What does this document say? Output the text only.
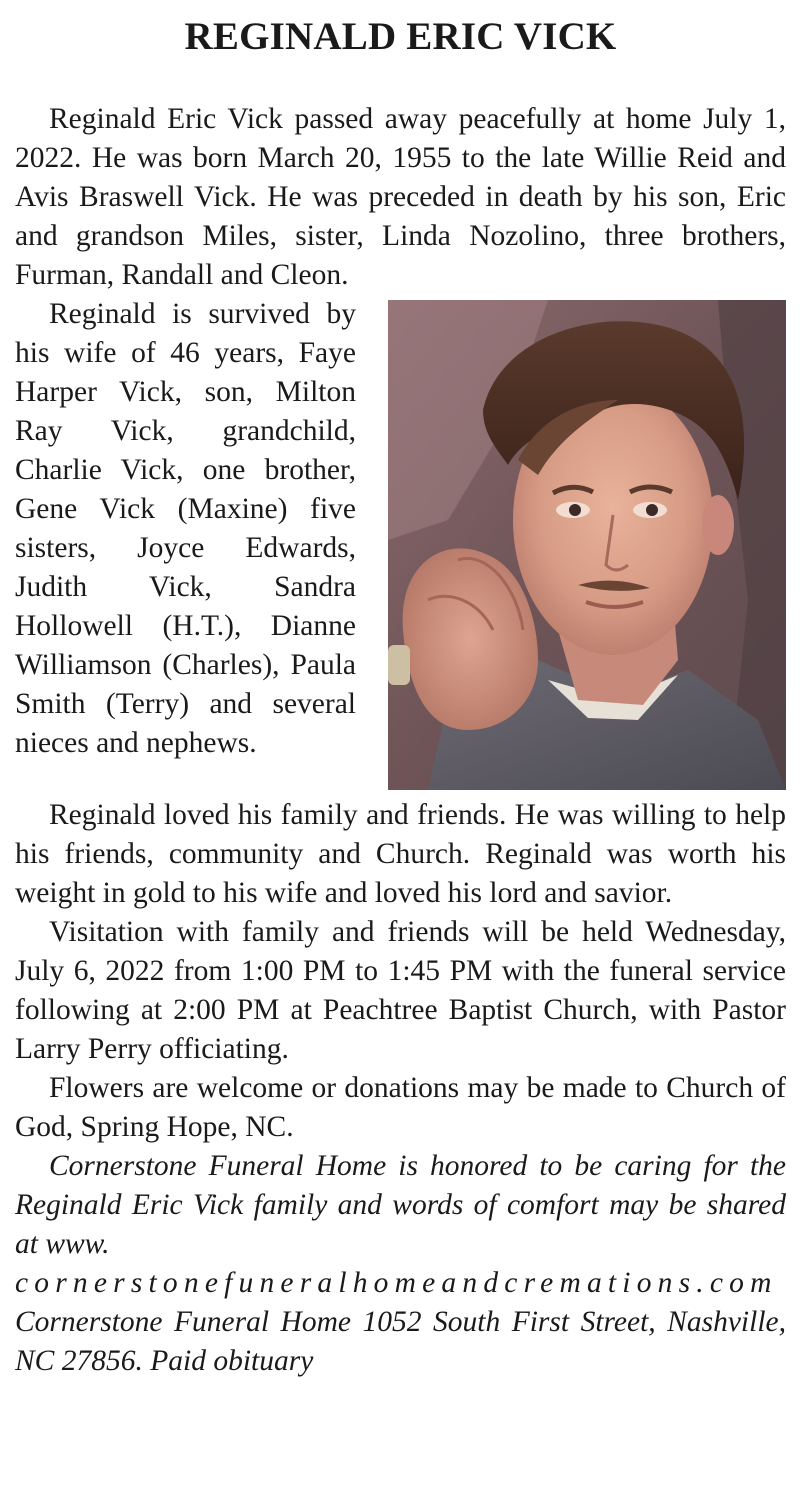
REGINALD ERIC VICK

Reginald Eric Vick passed away peacefully at home July 1, 2022. He was born March 20, 1955 to the late Willie Reid and Avis Braswell Vick. He was preceded in death by his son, Eric and grandson Miles, sister, Linda Nozolino, three brothers, Furman, Randall and Cleon.

Reginald is survived by his wife of 46 years, Faye Harper Vick, son, Milton Ray Vick, grandchild, Charlie Vick, one brother, Gene Vick (Maxine) five sisters, Joyce Edwards, Judith Vick, Sandra Hollowell (H.T.), Dianne Williamson (Charles), Paula Smith (Terry) and several nieces and nephews.

Reginald loved his family and friends. He was willing to help his friends, community and Church. Reginald was worth his weight in gold to his wife and loved his lord and savior.

Visitation with family and friends will be held Wednesday, July 6, 2022 from 1:00 PM to 1:45 PM with the funeral service following at 2:00 PM at Peachtree Baptist Church, with Pastor Larry Perry officiating.

Flowers are welcome or donations may be made to Church of God, Spring Hope, NC.

Cornerstone Funeral Home is honored to be caring for the Reginald Eric Vick family and words of comfort may be shared at www.
cornerstonefuneralhomeandcremations.com
Cornerstone Funeral Home 1052 South First Street, Nashville, NC 27856. Paid obituary
